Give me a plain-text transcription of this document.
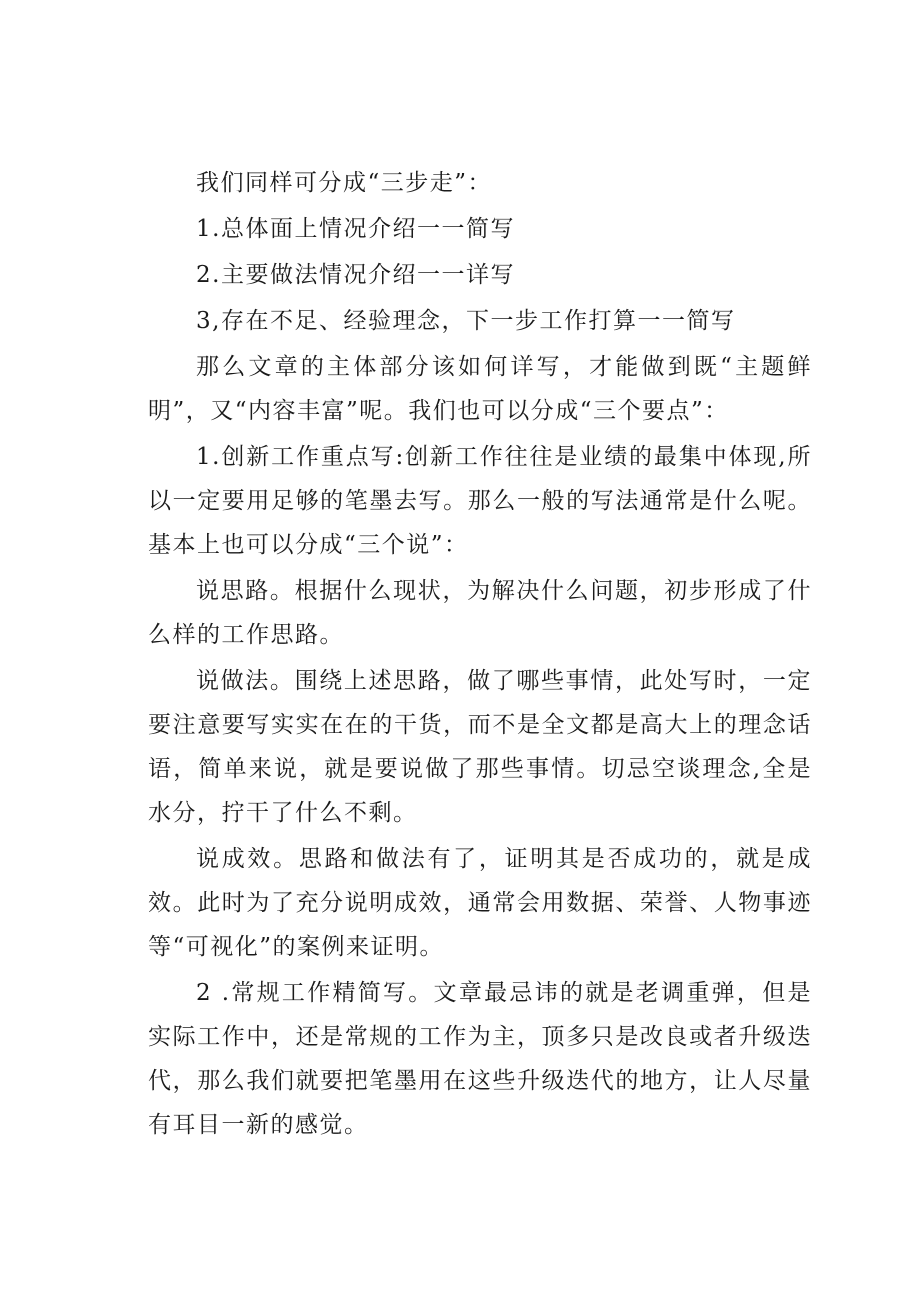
我们同样可分成“三步走”：

1.总体面上情况介绍一一简写

2.主要做法情况介绍一一详写

3,存在不足、经验理念，下一步工作打算一一简写

那么文章的主体部分该如何详写，才能做到既“主题鲜明”，又“内容丰富”呢。我们也可以分成“三个要点”：

1.创新工作重点写:创新工作往往是业绩的最集中体现,所以一定要用足够的笔墨去写。那么一般的写法通常是什么呢。基本上也可以分成“三个说”：

说思路。根据什么现状，为解决什么问题，初步形成了什么样的工作思路。

说做法。围绕上述思路，做了哪些事情，此处写时，一定要注意要写实实在在的干货，而不是全文都是高大上的理念话语，简单来说，就是要说做了那些事情。切忌空谈理念,全是水分，拧干了什么不剩。

说成效。思路和做法有了，证明其是否成功的，就是成效。此时为了充分说明成效，通常会用数据、荣誉、人物事迹等“可视化”的案例来证明。

2 .常规工作精简写。文章最忌讳的就是老调重弹，但是实际工作中，还是常规的工作为主，顶多只是改良或者升级迭代，那么我们就要把笔墨用在这些升级迭代的地方，让人尽量有耳目一新的感觉。
